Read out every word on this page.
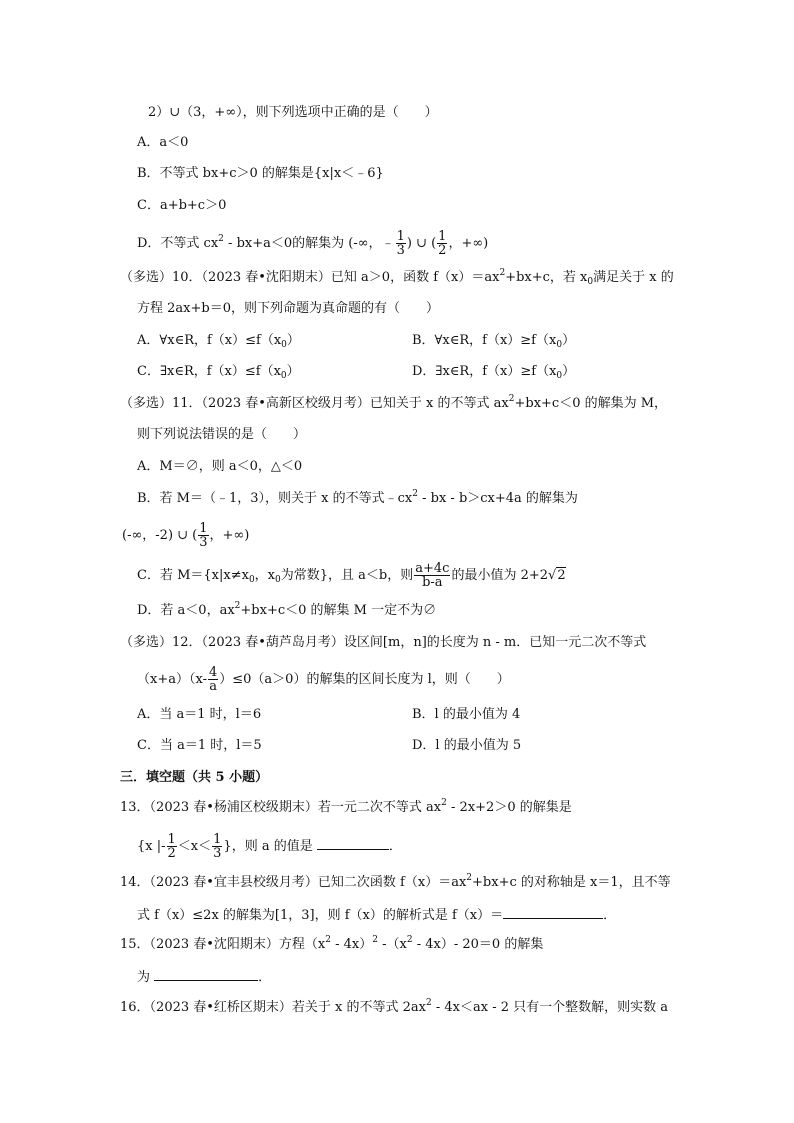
2）∪（3，+∞），则下列选项中正确的是（　　）
A．a＜0
B．不等式 bx+c＞0 的解集是{x|x＜﹣6}
C．a+b+c＞0
D．不等式 $cx^2 - bx+a<0$的解集为 (-∞，﹣ $\frac{1}{3}$ ) ∪ ( $\frac{1}{2}$ ，+∞)
（多选）10．（2023 春•沈阳期末）已知 a＞0，函数 $f(x)=ax^2+bx+c$，若 $x_0$满足关于 x 的
方程 2ax+b＝0，则下列命题为真命题的有（　　）
A．∀x∈R，$f(x)\le f(x_0)$	B．∀x∈R，$f(x)\ge f(x_0)$
C．∃x∈R，$f(x)\le f(x_0)$	D．∃x∈R，$f(x)\ge f(x_0)$
（多选）11．（2023 春•高新区校级月考）已知关于 x 的不等式 $ax^2+bx+c<0$ 的解集为 M，
则下列说法错误的是（　　）
A．M＝∅，则 a＜0，△＜0
B．若 M＝（﹣1，3），则关于 x 的不等式$﹣cx^2$ - bx - b＞cx+4a 的解集为
(-∞，-2) ∪ ( $\frac{1}{3}$ ，+∞)
C．若 $M=\{x|x\ne x_0$，$x_0$为常数}，且 a＜b，则 $\frac{a+4c}{b-a}$ 的最小值为 2+2√2
D．若 a＜0，$ax^2+bx+c<0$ 的解集 M 一定不为∅
（多选）12．（2023 春•葫芦岛月考）设区间[m，n]的长度为 n - m．已知一元二次不等式
$(x+a)(x- \frac{4}{a} )\le 0(a>0)$的解集的区间长度为 l，则（　　）
A．当 a＝1 时，l＝6	B．l 的最小值为 4
C．当 a＝1 时，l＝5	D．l 的最小值为 5
三．填空题（共 5 小题）
13．（2023 春•杨浦区校级期末）若一元二次不等式 $ax^2 - 2x+2>0$ 的解集是
{x |- $\frac{1}{2} <x< \frac{1}{3}$ }，则 a 的值是	．
14．（2023 春•宜丰县校级月考）已知二次函数 $f(x)=ax^2+bx+c$ 的对称轴是 x＝1，且不等
式 f（x）≤2x 的解集为[1，3]，则 f（x）的解析式是 f（x）＝	．
15．（2023 春•沈阳期末）方程$(x^2 - 4x)^2$ $-(x^2 - 4x)-$ 20＝0 的解集
为	．
16．（2023 春•红桥区期末）若关于 x 的不等式 $2ax^2 - 4x<ax - 2$ 只有一个整数解，则实数 a
